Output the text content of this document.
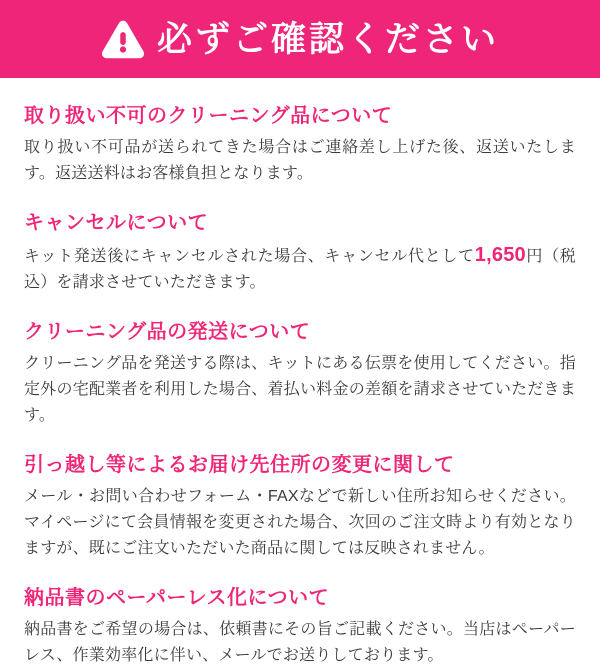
必ずご確認ください
取り扱い不可のクリーニング品について

取り扱い不可品が送られてきた場合はご連絡差し上げた後、返送いたします。返送送料はお客様負担となります。

キャンセルについて

キット発送後にキャンセルされた場合、キャンセル代として1,650円（税込）を請求させていただきます。

クリーニング品の発送について

クリーニング品を発送する際は、キットにある伝票を使用してください。指定外の宅配業者を利用した場合、着払い料金の差額を請求させていただきます。

引っ越し等によるお届け先住所の変更に関して

メール・お問い合わせフォーム・FAXなどで新しい住所お知らせください。マイページにて会員情報を変更された場合、次回のご注文時より有効となりますが、既にご注文いただいた商品に関しては反映されません。

納品書のペーパーレス化について

納品書をご希望の場合は、依頼書にその旨ご記載ください。当店はペーパーレス、作業効率化に伴い、メールでお送りしております。
